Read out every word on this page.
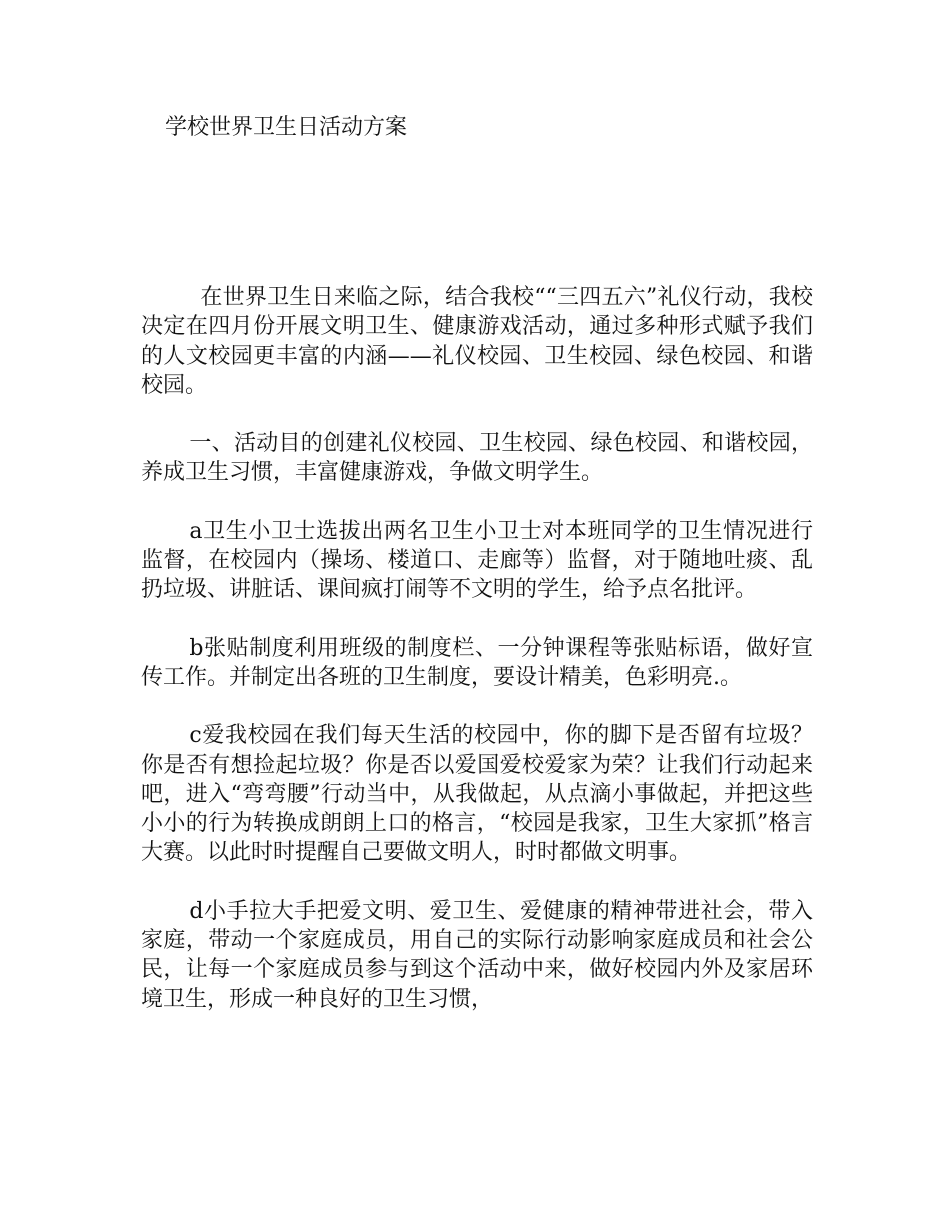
学校世界卫生日活动方案

在世界卫生日来临之际，结合我校““三四五六”礼仪行动，我校决定在四月份开展文明卫生、健康游戏活动，通过多种形式赋予我们的人文校园更丰富的内涵——礼仪校园、卫生校园、绿色校园、和谐校园。

一、活动目的创建礼仪校园、卫生校园、绿色校园、和谐校园，养成卫生习惯，丰富健康游戏，争做文明学生。

a卫生小卫士选拔出两名卫生小卫士对本班同学的卫生情况进行监督，在校园内（操场、楼道口、走廊等）监督，对于随地吐痰、乱扔垃圾、讲脏话、课间疯打闹等不文明的学生，给予点名批评。

b张贴制度利用班级的制度栏、一分钟课程等张贴标语，做好宣传工作。并制定出各班的卫生制度，要设计精美，色彩明亮.。

c爱我校园在我们每天生活的校园中，你的脚下是否留有垃圾？你是否有想捡起垃圾？你是否以爱国爱校爱家为荣？让我们行动起来吧，进入“弯弯腰”行动当中，从我做起，从点滴小事做起，并把这些小小的行为转换成朗朗上口的格言，“校园是我家，卫生大家抓”格言大赛。以此时时提醒自己要做文明人，时时都做文明事。

d小手拉大手把爱文明、爱卫生、爱健康的精神带进社会，带入家庭，带动一个家庭成员，用自己的实际行动影响家庭成员和社会公民，让每一个家庭成员参与到这个活动中来，做好校园内外及家居环境卫生，形成一种良好的卫生习惯，
